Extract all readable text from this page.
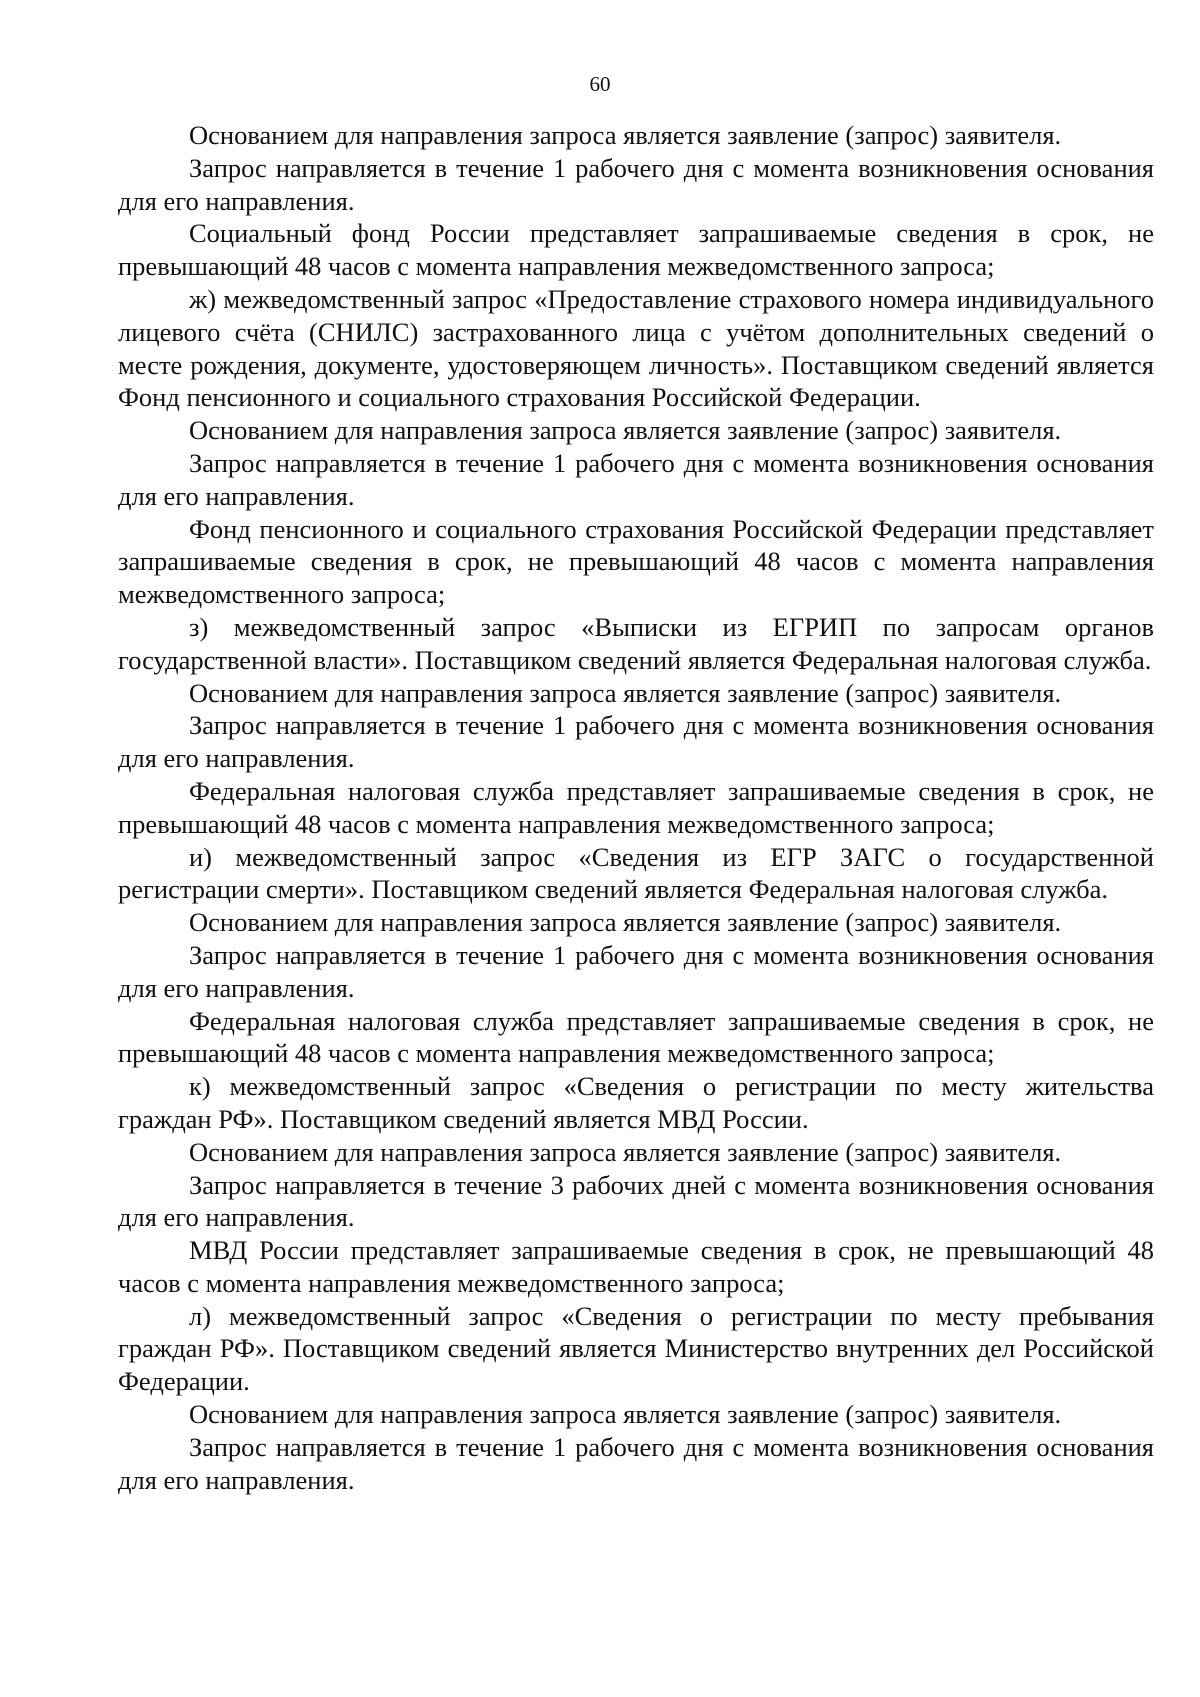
60

Основанием для направления запроса является заявление (запрос) заявителя.

Запрос направляется в течение 1 рабочего дня с момента возникновения основания для его направления.

Социальный фонд России представляет запрашиваемые сведения в срок, не превышающий 48 часов с момента направления межведомственного запроса;

ж) межведомственный запрос «Предоставление страхового номера индивидуального лицевого счёта (СНИЛС) застрахованного лица с учётом дополнительных сведений о месте рождения, документе, удостоверяющем личность». Поставщиком сведений является Фонд пенсионного и социального страхования Российской Федерации.

Основанием для направления запроса является заявление (запрос) заявителя.

Запрос направляется в течение 1 рабочего дня с момента возникновения основания для его направления.

Фонд пенсионного и социального страхования Российской Федерации представляет запрашиваемые сведения в срок, не превышающий 48 часов с момента направления межведомственного запроса;

з) межведомственный запрос «Выписки из ЕГРИП по запросам органов государственной власти». Поставщиком сведений является Федеральная налоговая служба.

Основанием для направления запроса является заявление (запрос) заявителя.

Запрос направляется в течение 1 рабочего дня с момента возникновения основания для его направления.

Федеральная налоговая служба представляет запрашиваемые сведения в срок, не превышающий 48 часов с момента направления межведомственного запроса;

и) межведомственный запрос «Сведения из ЕГР ЗАГС о государственной регистрации смерти». Поставщиком сведений является Федеральная налоговая служба.

Основанием для направления запроса является заявление (запрос) заявителя.

Запрос направляется в течение 1 рабочего дня с момента возникновения основания для его направления.

Федеральная налоговая служба представляет запрашиваемые сведения в срок, не превышающий 48 часов с момента направления межведомственного запроса;

к) межведомственный запрос «Сведения о регистрации по месту жительства граждан РФ». Поставщиком сведений является МВД России.

Основанием для направления запроса является заявление (запрос) заявителя.

Запрос направляется в течение 3 рабочих дней с момента возникновения основания для его направления.

МВД России представляет запрашиваемые сведения в срок, не превышающий 48 часов с момента направления межведомственного запроса;

л) межведомственный запрос «Сведения о регистрации по месту пребывания граждан РФ». Поставщиком сведений является Министерство внутренних дел Российской Федерации.

Основанием для направления запроса является заявление (запрос) заявителя.

Запрос направляется в течение 1 рабочего дня с момента возникновения основания для его направления.
